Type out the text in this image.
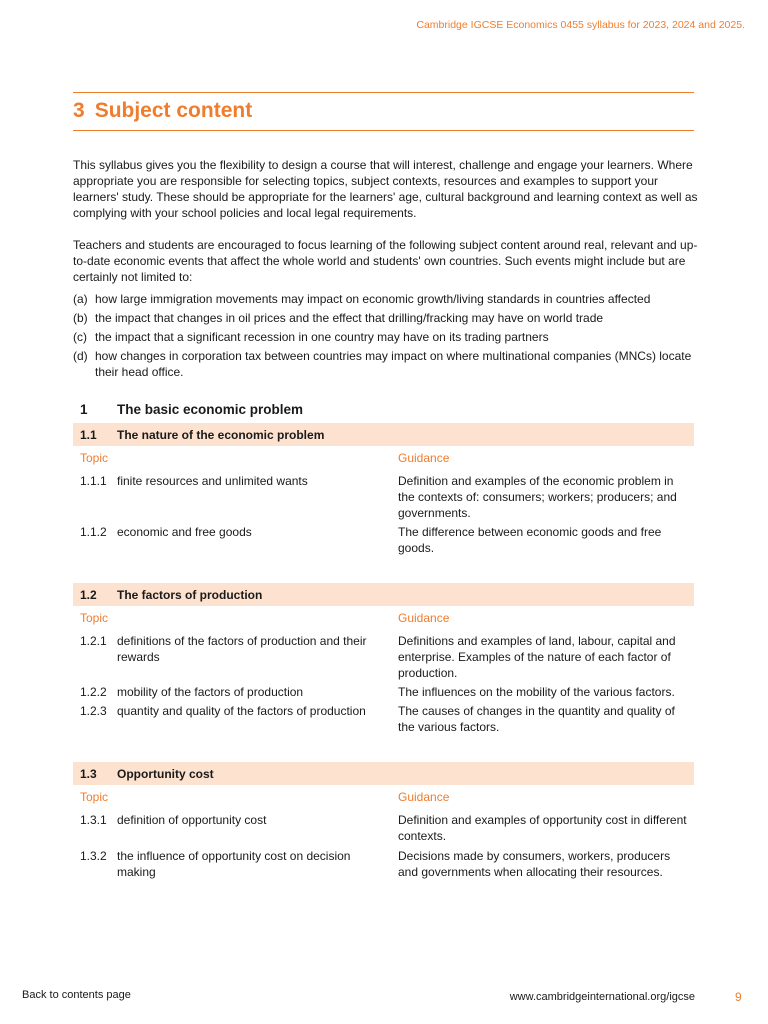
Cambridge IGCSE Economics 0455 syllabus for 2023, 2024 and 2025.
3 Subject content

This syllabus gives you the flexibility to design a course that will interest, challenge and engage your learners. Where appropriate you are responsible for selecting topics, subject contexts, resources and examples to support your learners' study. These should be appropriate for the learners' age, cultural background and learning context as well as complying with your school policies and local legal requirements.

Teachers and students are encouraged to focus learning of the following subject content around real, relevant and up-to-date economic events that affect the whole world and students' own countries. Such events might include but are certainly not limited to:

(a) how large immigration movements may impact on economic growth/living standards in countries affected
(b) the impact that changes in oil prices and the effect that drilling/fracking may have on world trade
(c) the impact that a significant recession in one country may have on its trading partners
(d) how changes in corporation tax between countries may impact on where multinational companies (MNCs) locate their head office.
1 The basic economic problem
1.1 The nature of the economic problem
Topic	Guidance
1.1.1 finite resources and unlimited wants	Definition and examples of the economic problem in the contexts of: consumers; workers; producers; and governments.
1.1.2 economic and free goods	The difference between economic goods and free goods.
1.2 The factors of production
Topic	Guidance
1.2.1 definitions of the factors of production and their rewards
Definitions and examples of land, labour, capital and enterprise. Examples of the nature of each factor of production.
1.2.2 mobility of the factors of production	The influences on the mobility of the various factors.
1.2.3 quantity and quality of the factors of production	The causes of changes in the quantity and quality of the various factors.
1.3 Opportunity cost
Topic	Guidance
1.3.1 definition of opportunity cost	Definition and examples of opportunity cost in different contexts.
1.3.2 the influence of opportunity cost on decision making
Decisions made by consumers, workers, producers and governments when allocating their resources.
Back to contents page	www.cambridgeinternational.org/igcse	9
